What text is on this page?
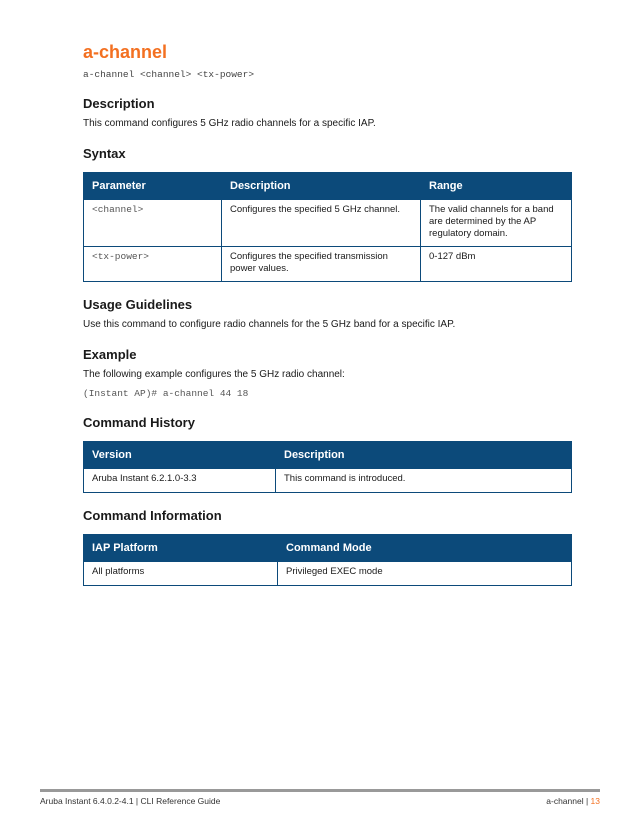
a-channel
a-channel <channel> <tx-power>
Description

This command configures 5 GHz radio channels for a specific IAP.

Syntax
Parameter	Description	Range
<channel>	Configures the specified 5 GHz channel.	The valid channels for a band are determined by the AP regulatory domain.
<tx-power>	Configures the specified transmission power values.	0-127 dBm
Usage Guidelines

Use this command to configure radio channels for the 5 GHz band for a specific IAP.

Example

The following example configures the 5 GHz radio channel:

(Instant AP)# a-channel 44 18
Command History
Version	Description
Aruba Instant 6.2.1.0-3.3	This command is introduced.
Command Information
IAP Platform	Command Mode
All platforms	Privileged EXEC mode
Aruba Instant 6.4.0.2-4.1 | CLI Reference Guide	a-channel | 13
